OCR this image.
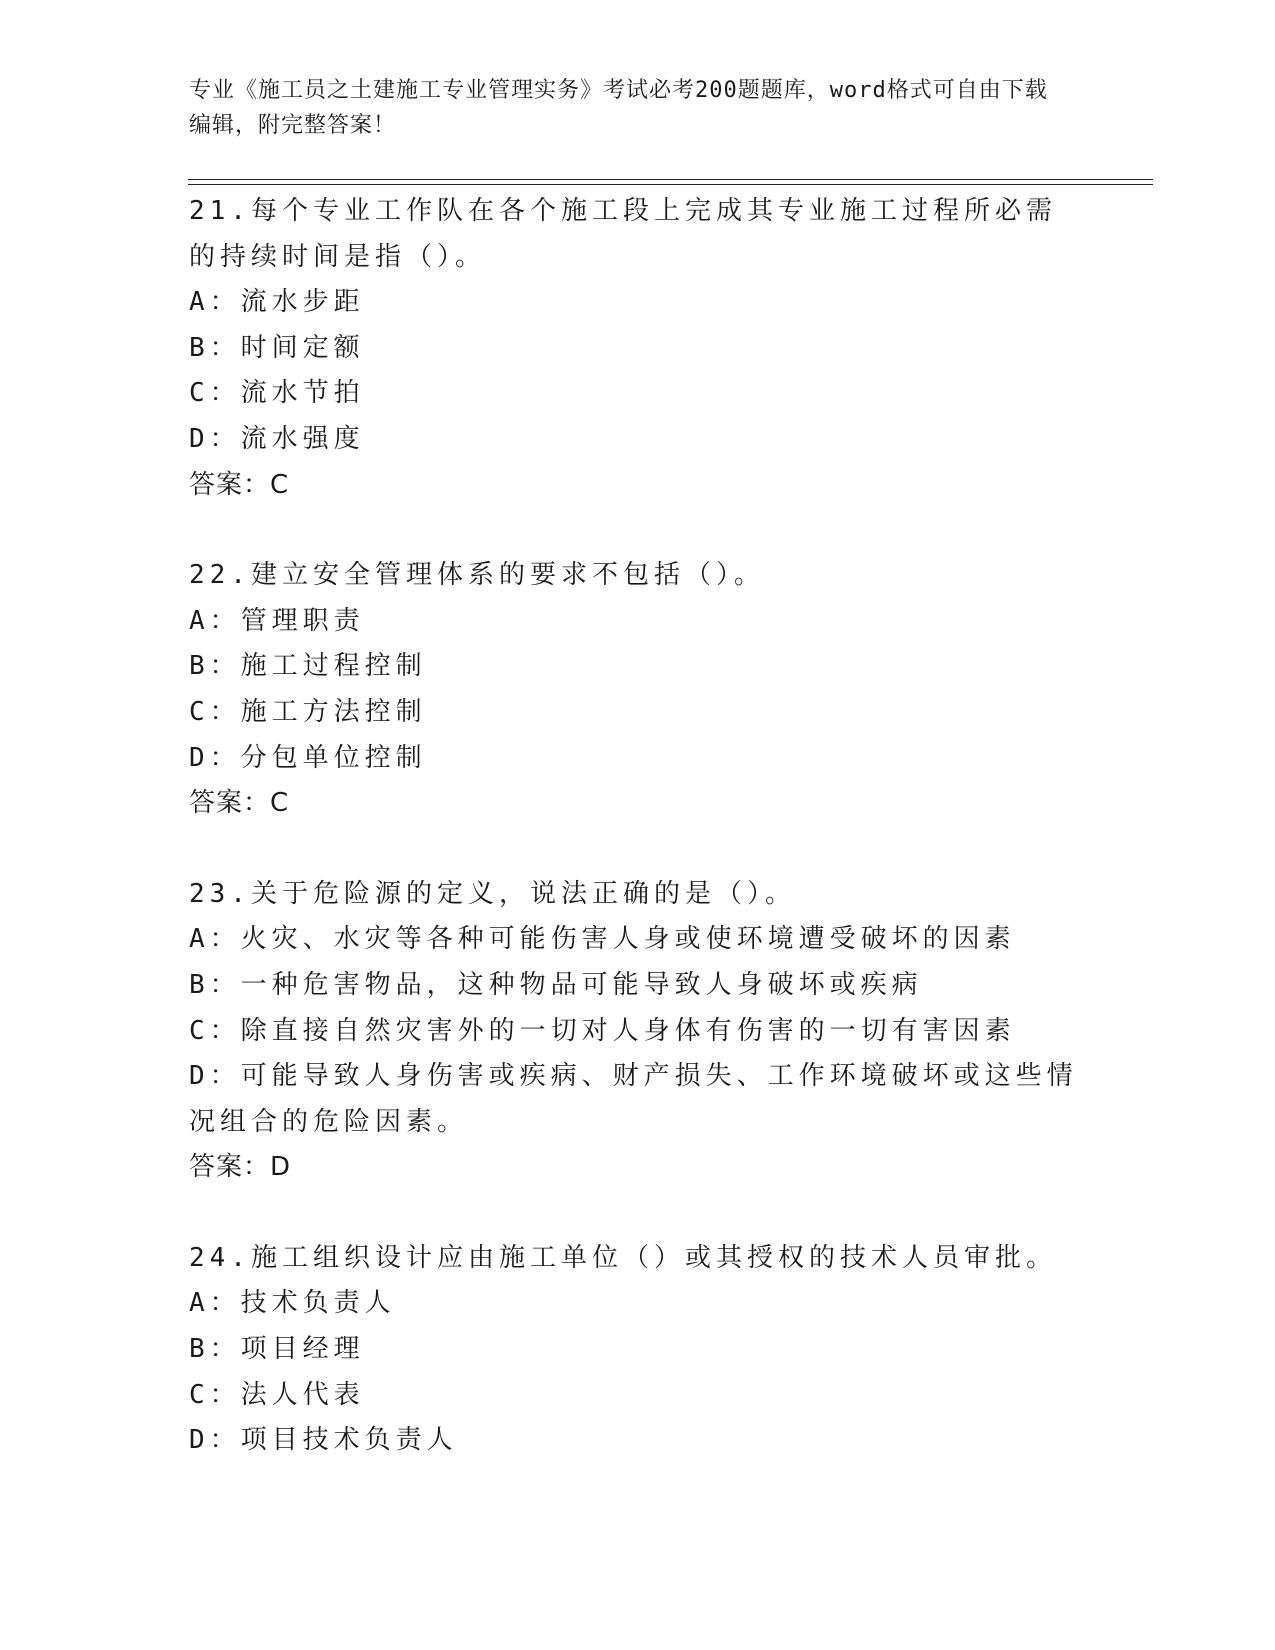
专业《施工员之土建施工专业管理实务》考试必考200题题库，word格式可自由下载编辑，附完整答案！

21.每个专业工作队在各个施工段上完成其专业施工过程所必需的持续时间是指（）。

A：流水步距

B：时间定额

C：流水节拍

D：流水强度

答案：C

22.建立安全管理体系的要求不包括（）。

A：管理职责

B：施工过程控制

C：施工方法控制

D：分包单位控制

答案：C

23.关于危险源的定义，说法正确的是（）。

A：火灾、水灾等各种可能伤害人身或使环境遭受破坏的因素

B：一种危害物品，这种物品可能导致人身破坏或疾病

C：除直接自然灾害外的一切对人身体有伤害的一切有害因素

D：可能导致人身伤害或疾病、财产损失、工作环境破坏或这些情况组合的危险因素。

答案：D

24.施工组织设计应由施工单位（）或其授权的技术人员审批。

A：技术负责人

B：项目经理

C：法人代表

D：项目技术负责人
